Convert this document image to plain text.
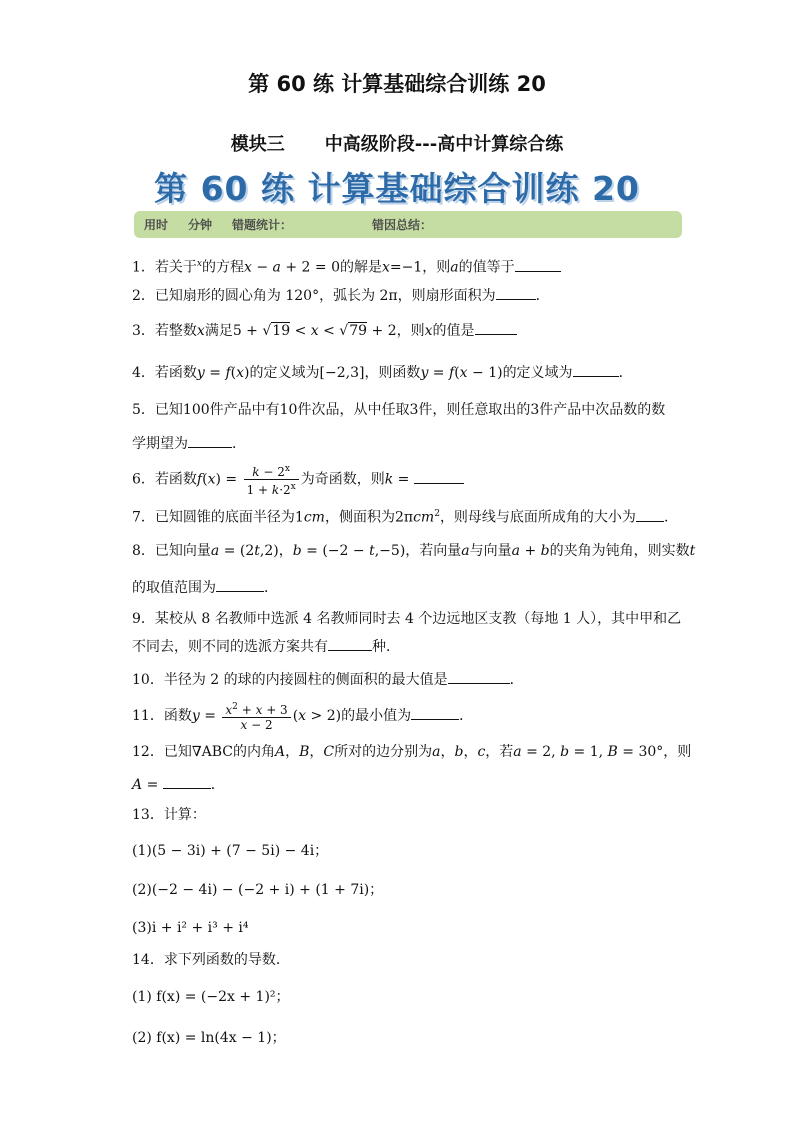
第 60 练 计算基础综合训练 20
模块三 中高级阶段---高中计算综合练
第 60 练 计算基础综合训练 20
用时 分钟 错题统计：	错因总结：
1．若关于$^x$的方程x − a + 2 = 0的解是x=−1，则a的值等于
2．已知扇形的圆心角为 120°，弧长为 2π，则扇形面积为	．
3．若整数x满足5 + √19 < x < √79 + 2，则x的值是
4．若函数y = f(x)的定义域为[−2,3]，则函数y = f(x − 1)的定义域为	．
5．已知100件产品中有10件次品，从中任取3件，则任意取出的3件产品中次品数的数
学期望为	．
6．若函数$f(x) = \frac{k - 2^x}{1 + k\cdot 2^x}$ 为奇函数，则k =
7．已知圆锥的底面半径为1cm，侧面积为2πcm$^2$，则母线与底面所成角的大小为 .
8．已知向量a = (2t,2)，b = (−2 − t,−5)，若向量a与向量a + b的夹角为钝角，则实数t
的取值范围为	．
9．某校从 8 名教师中选派 4 名教师同时去 4 个边远地区支教（每地 1 人），其中甲和乙
不同去，则不同的选派方案共有	种．
10．半径为 2 的球的内接圆柱的侧面积的最大值是	．
11．函数$y = \frac{x^2 + x + 3}{x - 2} (x > 2)$的最小值为	．
12．已知∇ABC的内角A，B，C所对的边分别为a，b，c，若a = 2, b = 1, B = 30°，则
A =	．
13．计算：
(1)(5 − 3i) + (7 − 5i) − 4i；
(2)(−2 − 4i) − (−2 + i) + (1 + 7i)；
(3)i + i² + i³ + i⁴
14．求下列函数的导数．
(1) f(x) = (−2x + 1)²；
(2) f(x) = ln(4x − 1)；
